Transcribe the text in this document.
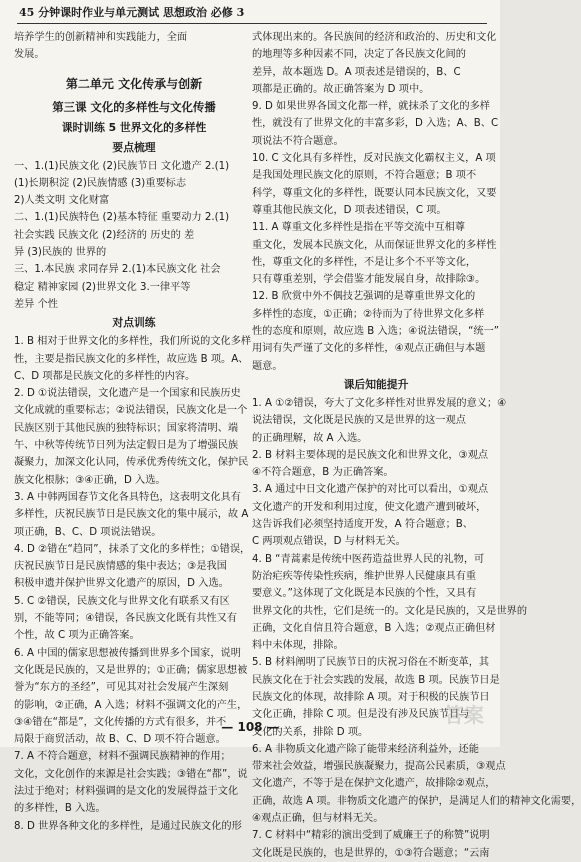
45 分钟课时作业与单元测试 思想政治 必修 3
培养学生的创新精神和实践能力，全面
发展。
第二单元 文化传承与创新
第三课 文化的多样性与文化传播
课时训练 5 世界文化的多样性
要点梳理
一、1.(1)民族文化 (2)民族节日 文化遗产 2.(1)
(1)长期积淀 (2)民族情感 (3)重要标志
2)人类文明 文化财富
二、1.(1)民族特色 (2)基本特征 重要动力 2.(1)
社会实践 民族文化 (2)经济的 历史的 差
异 (3)民族的 世界的
三、1.本民族 求同存异 2.(1)本民族文化 社会
稳定 精神家园 (2)世界文化 3.一律平等
差异 个性
对点训练
1. B 相对于世界文化的多样性，我们所说的文化多样
性，主要是指民族文化的多样性，故应选 B 项。A、
C、D 项都是民族文化的多样性的内容。
2. D ①说法错误，文化遗产是一个国家和民族历史
文化成就的重要标志；②说法错误，民族文化是一个
民族区别于其他民族的独特标识；国家将清明、端
午、中秋等传统节日列为法定假日是为了增强民族
凝聚力，加深文化认同，传承优秀传统文化，保护民
族文化根脉；③④正确，D 入选。
3. A 中韩两国春节文化各具特色，这表明文化具有
多样性，庆祝民族节日是民族文化的集中展示，故 A
项正确，B、C、D 项说法错误。
4. D ②错在“趋同”，抹杀了文化的多样性；①错误，
庆祝民族节日是民族情感的集中表达；③是我国
积极申遗并保护世界文化遗产的原因，D 入选。
5. C ②错误，民族文化与世界文化有联系又有区
别，不能等同；④错误，各民族文化既有共性又有
个性，故 C 项为正确答案。
6. A 中国的儒家思想被传播到世界多个国家，说明
文化既是民族的，又是世界的；①正确；儒家思想被
誉为“东方的圣经”，可见其对社会发展产生深刻
的影响，②正确，A 入选；材料不强调文化的产生，
③④错在“都是”，文化传播的方式有很多，并不
局限于商贸活动，故 B、C、D 项不符合题意。
7. A 不符合题意，材料不强调民族精神的作用；
文化，文化创作的来源是社会实践；③错在“都”，说
法过于绝对；材料强调的是文化的发展得益于文化
的多样性，B 入选。
8. D 世界各种文化的多样性，是通过民族文化的形
式体现出来的。各民族间的经济和政治的、历史和文化
的地理等多种因素不同，决定了各民族文化间的
差异，故本题选 D。A 项表述是错误的，B、C
项都是正确的。故正确答案为 D 项中。
9. D 如果世界各国文化都一样，就抹杀了文化的多样
性，就没有了世界文化的丰富多彩，D 入选；A、B、C
项说法不符合题意。
10. C 文化具有多样性，反对民族文化霸权主义，A 项
是我国处理民族文化的原则，不符合题意；B 项不
科学，尊重文化的多样性，既要认同本民族文化，又要
尊重其他民族文化，D 项表述错误，C 项。
11. A 尊重文化多样性是指在平等交流中互相尊
重文化，发展本民族文化，从而保证世界文化的多样性
性，尊重文化的多样性，不是让多个不平等文化，
只有尊重差别，学会借鉴才能发展自身，故排除③。
12. B 欣赏中外不偶技艺强调的是尊重世界文化的
多样性的态度，①正确；②待而为了待世界文化多样
性的态度和原则，故应选 B 入选；④说法错误，“统一”
用词有失严谨了文化的多样性，④观点正确但与本题
题意。
课后知能提升
1. A ①②错误，夸大了文化多样性对世界发展的意义；④
说法错误，文化既是民族的又是世界的这一观点
的正确理解，故 A 入选。
2. B 材料主要体现的是民族文化和世界文化，③观点
④不符合题意，B 为正确答案。
3. A 通过中日文化遗产保护的对比可以看出，①观点
文化遗产的开发和利用过度，使文化遗产遭到破坏，
这告诉我们必须坚持适度开发，A 符合题意；B、
C 两项观点错误，D 与材料无关。
4. B “青蒿素是传统中医药造益世界人民的礼物，可
防治疟疾等传染性疾病，维护世界人民健康具有重
要意义。”这体现了文化既是本民族的个性，又具有
世界文化的共性，它们是统一的。文化是民族的，又是世界的
正确，文化自信且符合题意，B 入选；②观点正确但材
料中未体现，排除。
5. B 材料阐明了民族节日的庆祝习俗在不断变革，其
民族文化在于社会实践的发展，故选 B 项。民族节日是
民族文化的体现，故排除 A 项。对于积极的民族节日
文化正确，排除 C 项。但是没有涉及民族节日与
文化的关系，排除 D 项。
6. A 非物质文化遗产除了能带来经济利益外，还能
带来社会效益，增强民族凝聚力，提高公民素质，③观点
文化遗产，不等于是在保护文化遗产，故排除②观点，
正确，故选 A 项。非物质文化遗产的保护，是满足人们的精神文化需要，
④观点正确，但与材料无关。
7. C 材料中“精彩的演出受到了威廉王子的称赞”说明
文化既是民族的，也是世界的，①③符合题意；“云南
— 108 —	答案
